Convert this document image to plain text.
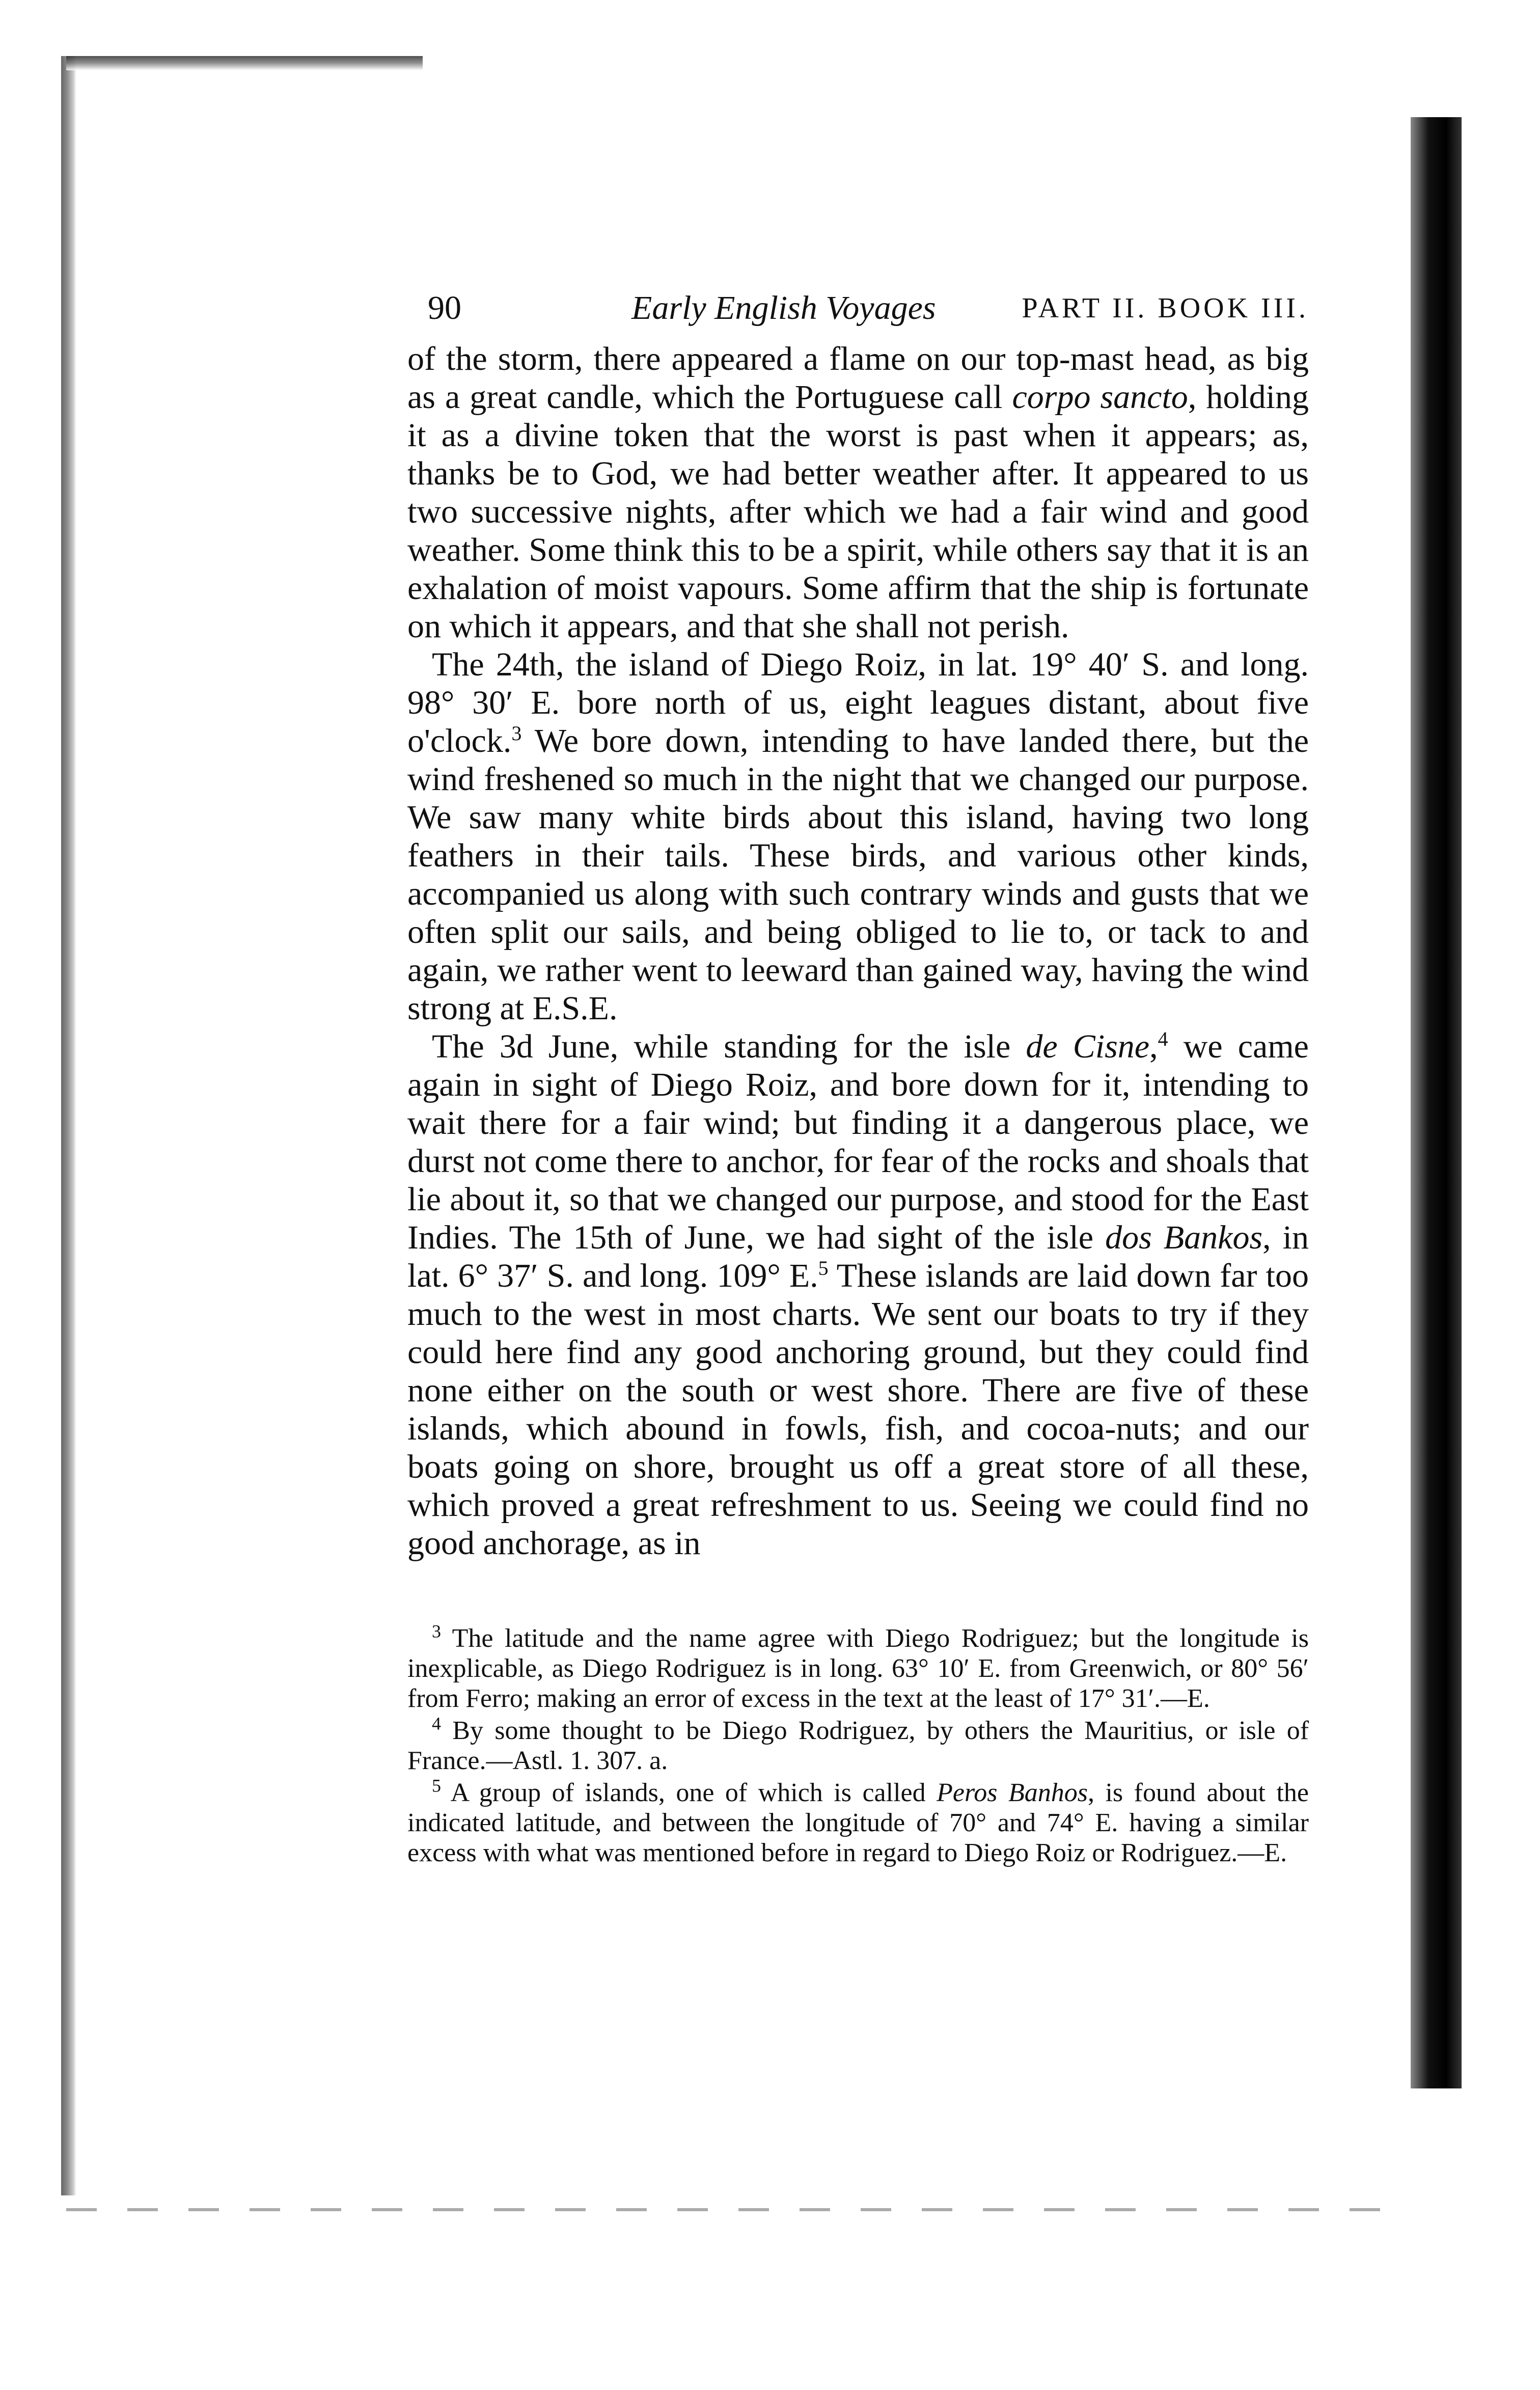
90	Early English Voyages	PART II. BOOK III.

of the storm, there appeared a flame on our top-mast head, as big as a great candle, which the Portuguese call corpo sancto, holding it as a divine token that the worst is past when it appears; as, thanks be to God, we had better weather after. It appeared to us two successive nights, after which we had a fair wind and good weather. Some think this to be a spirit, while others say that it is an exhalation of moist vapours. Some affirm that the ship is fortunate on which it appears, and that she shall not perish.

The 24th, the island of Diego Roiz, in lat. 19° 40′ S. and long. 98° 30′ E. bore north of us, eight leagues distant, about five o'clock.$^3$ We bore down, intending to have landed there, but the wind freshened so much in the night that we changed our purpose. We saw many white birds about this island, having two long feathers in their tails. These birds, and various other kinds, accompanied us along with such contrary winds and gusts that we often split our sails, and being obliged to lie to, or tack to and again, we rather went to leeward than gained way, having the wind strong at E.S.E.

The 3d June, while standing for the isle de Cisne,$^4$ we came again in sight of Diego Roiz, and bore down for it, intending to wait there for a fair wind; but finding it a dangerous place, we durst not come there to anchor, for fear of the rocks and shoals that lie about it, so that we changed our purpose, and stood for the East Indies. The 15th of June, we had sight of the isle dos Bankos, in lat. 6° 37′ S. and long. 109° E.$^5$ These islands are laid down far too much to the west in most charts. We sent our boats to try if they could here find any good anchoring ground, but they could find none either on the south or west shore. There are five of these islands, which abound in fowls, fish, and cocoa-nuts; and our boats going on shore, brought us off a great store of all these, which proved a great refreshment to us. Seeing we could find no good anchorage, as in

$^3$ The latitude and the name agree with Diego Rodriguez; but the longitude is inexplicable, as Diego Rodriguez is in long. 63° 10′ E. from Greenwich, or 80° 56′ from Ferro; making an error of excess in the text at the least of 17° 31′.—E.

$^4$ By some thought to be Diego Rodriguez, by others the Mauritius, or isle of France.—Astl. 1. 307. a.

$^5$ A group of islands, one of which is called Peros Banhos, is found about the indicated latitude, and between the longitude of 70° and 74° E. having a similar excess with what was mentioned before in regard to Diego Roiz or Rodriguez.—E.
